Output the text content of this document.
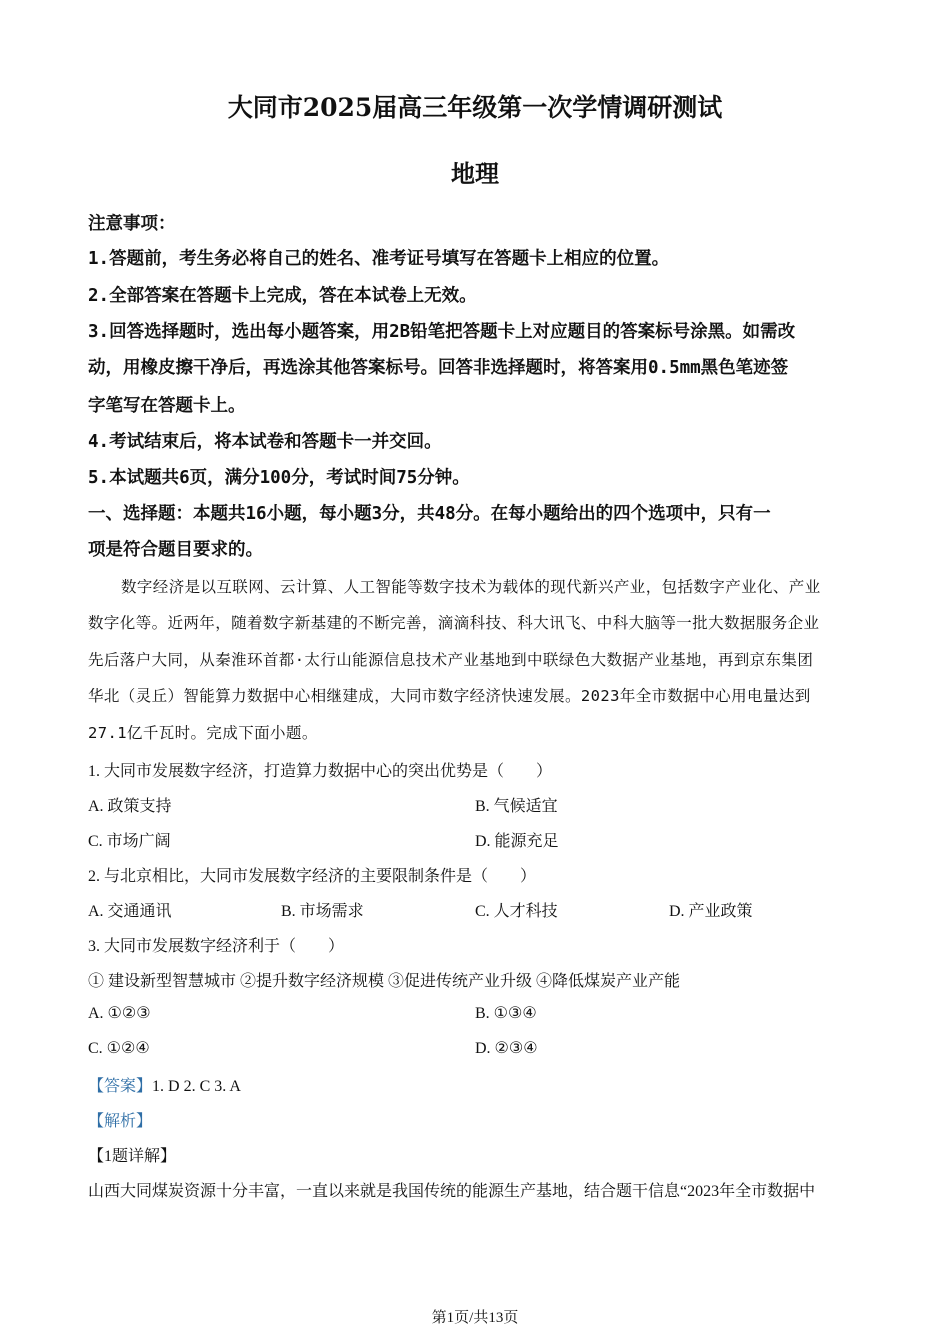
大同市2025届高三年级第一次学情调研测试
地理
注意事项：
1.答题前，考生务必将自己的姓名、准考证号填写在答题卡上相应的位置。
2.全部答案在答题卡上完成，答在本试卷上无效。
3.回答选择题时，选出每小题答案，用2B铅笔把答题卡上对应题目的答案标号涂黑。如需改
动，用橡皮擦干净后，再选涂其他答案标号。回答非选择题时，将答案用0.5mm黑色笔迹签
字笔写在答题卡上。
4.考试结束后，将本试卷和答题卡一并交回。
5.本试题共6页，满分100分，考试时间75分钟。
一、选择题：本题共16小题，每小题3分，共48分。在每小题给出的四个选项中，只有一
项是符合题目要求的。
数字经济是以互联网、云计算、人工智能等数字技术为载体的现代新兴产业，包括数字产业化、产业
数字化等。近两年，随着数字新基建的不断完善，滴滴科技、科大讯飞、中科大脑等一批大数据服务企业
先后落户大同，从秦淮环首都·太行山能源信息技术产业基地到中联绿色大数据产业基地，再到京东集团
华北（灵丘）智能算力数据中心相继建成，大同市数字经济快速发展。2023年全市数据中心用电量达到
27.1亿千瓦时。完成下面小题。
1. 大同市发展数字经济，打造算力数据中心的突出优势是（　　）
A. 政策支持	B. 气候适宜
C. 市场广阔	D. 能源充足
2. 与北京相比，大同市发展数字经济的主要限制条件是（　　）
A. 交通通讯	B. 市场需求	C. 人才科技	D. 产业政策
3. 大同市发展数字经济利于（　　）
① 建设新型智慧城市 ②提升数字经济规模 ③促进传统产业升级 ④降低煤炭产业产能
A. ①②③	B. ①③④
C. ①②④	D. ②③④
【答案】1. D 2. C 3. A
【解析】
【1题详解】
山西大同煤炭资源十分丰富，一直以来就是我国传统的能源生产基地，结合题干信息“2023年全市数据中
第1页/共13页
